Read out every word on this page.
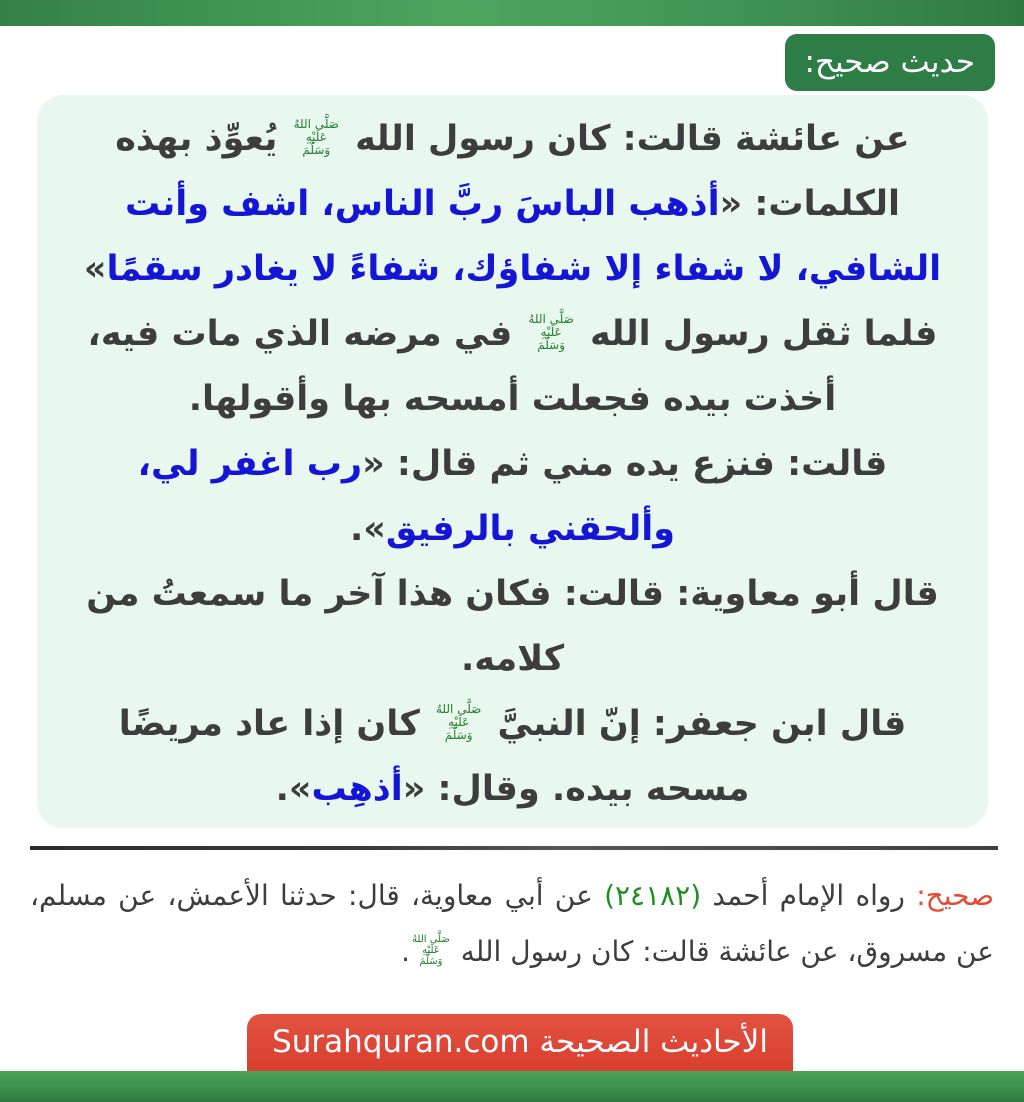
حديث صحيح:

عن عائشة قالت: كان رسول الله
صَلَّى اللهُ
عَلَيْهِ
وَسَلَّمَ
يُعوِّذ بهذه الكلمات: «أذهب الباسَ ربَّ الناس، اشف وأنت الشافي، لا شفاء إلا شفاؤك، شفاءً لا يغادر سقمًا» فلما ثقل رسول الله
صَلَّى اللهُ
عَلَيْهِ
وَسَلَّمَ
في مرضه الذي مات فيه، أخذت بيده فجعلت أمسحه بها وأقولها.

قالت: فنزع يده مني ثم قال: «رب اغفر لي، وألحقني بالرفيق».

قال أبو معاوية: قالت: فكان هذا آخر ما سمعتُ من كلامه.

قال ابن جعفر: إنّ النبيَّ
صَلَّى اللهُ
عَلَيْهِ
وَسَلَّمَ
كان إذا عاد مريضًا مسحه بيده. وقال: «أذهِب».

صحيح: رواه الإمام أحمد (٢٤١٨٢) عن أبي معاوية، قال: حدثنا الأعمش، عن مسلم، عن مسروق، عن عائشة قالت: كان رسول الله
صَلَّى اللهُ
عَلَيْهِ
وَسَلَّمَ
.

الأحاديث الصحيحة Surahquran.com
